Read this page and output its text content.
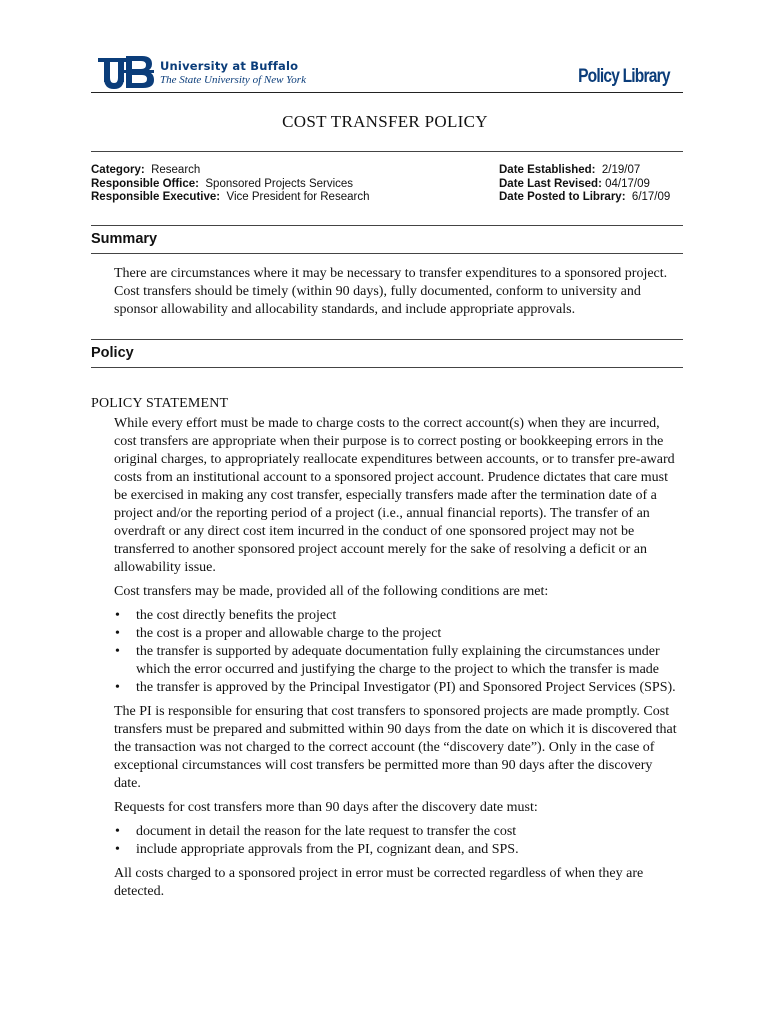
University at Buffalo
The State University of New York	Policy Library
COST TRANSFER POLICY
Category: Research
Responsible Office: Sponsored Projects Services
Responsible Executive: Vice President for Research
Date Established: 2/19/07
Date Last Revised: 04/17/09
Date Posted to Library: 6/17/09
Summary
There are circumstances where it may be necessary to transfer expenditures to a sponsored project. Cost transfers should be timely (within 90 days), fully documented, conform to university and sponsor allowability and allocability standards, and include appropriate approvals.
Policy
POLICY STATEMENT

While every effort must be made to charge costs to the correct account(s) when they are incurred, cost transfers are appropriate when their purpose is to correct posting or bookkeeping errors in the original charges, to appropriately reallocate expenditures between accounts, or to transfer pre-award costs from an institutional account to a sponsored project account. Prudence dictates that care must be exercised in making any cost transfer, especially transfers made after the termination date of a project and/or the reporting period of a project (i.e., annual financial reports). The transfer of an overdraft or any direct cost item incurred in the conduct of one sponsored project may not be transferred to another sponsored project account merely for the sake of resolving a deficit or an allowability issue.

Cost transfers may be made, provided all of the following conditions are met:

• the cost directly benefits the project
• the cost is a proper and allowable charge to the project
• the transfer is supported by adequate documentation fully explaining the circumstances under which the error occurred and justifying the charge to the project to which the transfer is made
• the transfer is approved by the Principal Investigator (PI) and Sponsored Project Services (SPS).

The PI is responsible for ensuring that cost transfers to sponsored projects are made promptly. Cost transfers must be prepared and submitted within 90 days from the date on which it is discovered that the transaction was not charged to the correct account (the “discovery date”). Only in the case of exceptional circumstances will cost transfers be permitted more than 90 days after the discovery date.

Requests for cost transfers more than 90 days after the discovery date must:

• document in detail the reason for the late request to transfer the cost
• include appropriate approvals from the PI, cognizant dean, and SPS.

All costs charged to a sponsored project in error must be corrected regardless of when they are detected.
